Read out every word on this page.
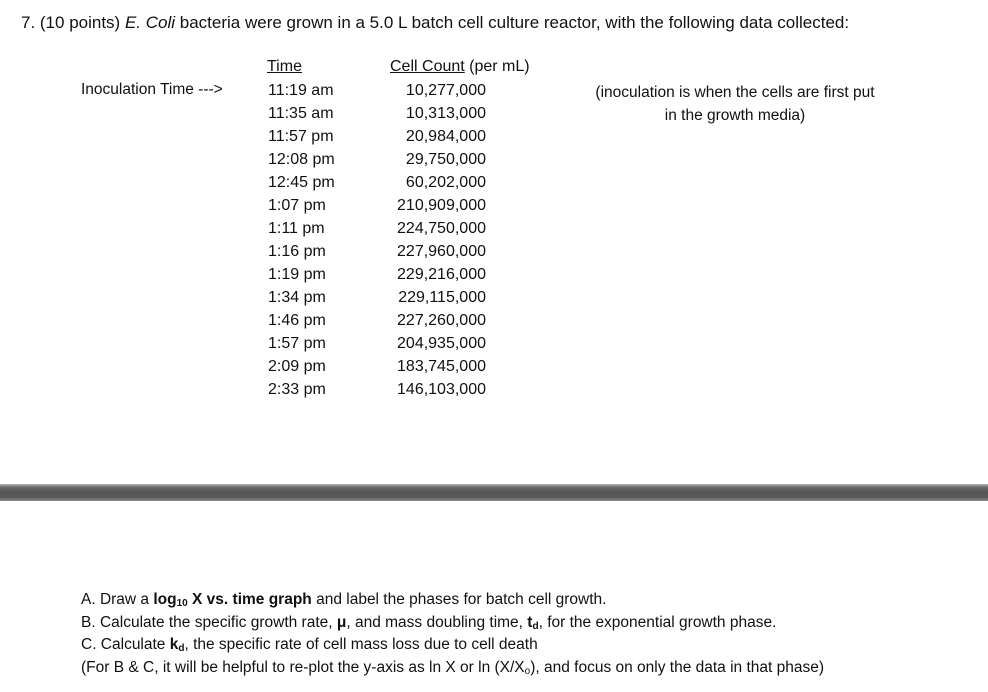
7. (10 points) E. Coli bacteria were grown in a 5.0 L batch cell culture reactor, with the following data collected:
Inoculation Time --->
Time	Cell Count (per mL)
11:19 am	10,277,000
11:35 am	10,313,000
11:57 pm	20,984,000
12:08 pm	29,750,000
12:45 pm	60,202,000
1:07 pm	210,909,000
1:11 pm	224,750,000
1:16 pm	227,960,000
1:19 pm	229,216,000
1:34 pm	229,115,000
1:46 pm	227,260,000
1:57 pm	204,935,000
2:09 pm	183,745,000
2:33 pm	146,103,000
(inoculation is when the cells are first put
in the growth media)
A. Draw a $\log_{10} X$ vs. time graph and label the phases for batch cell growth.
B. Calculate the specific growth rate, μ, and mass doubling time, $t_d$, for the exponential growth phase.
C. Calculate $k_d$, the specific rate of cell mass loss due to cell death
(For B & C, it will be helpful to re-plot the y-axis as ln X or $\ln (X/X_o)$, and focus on only the data in that phase)
